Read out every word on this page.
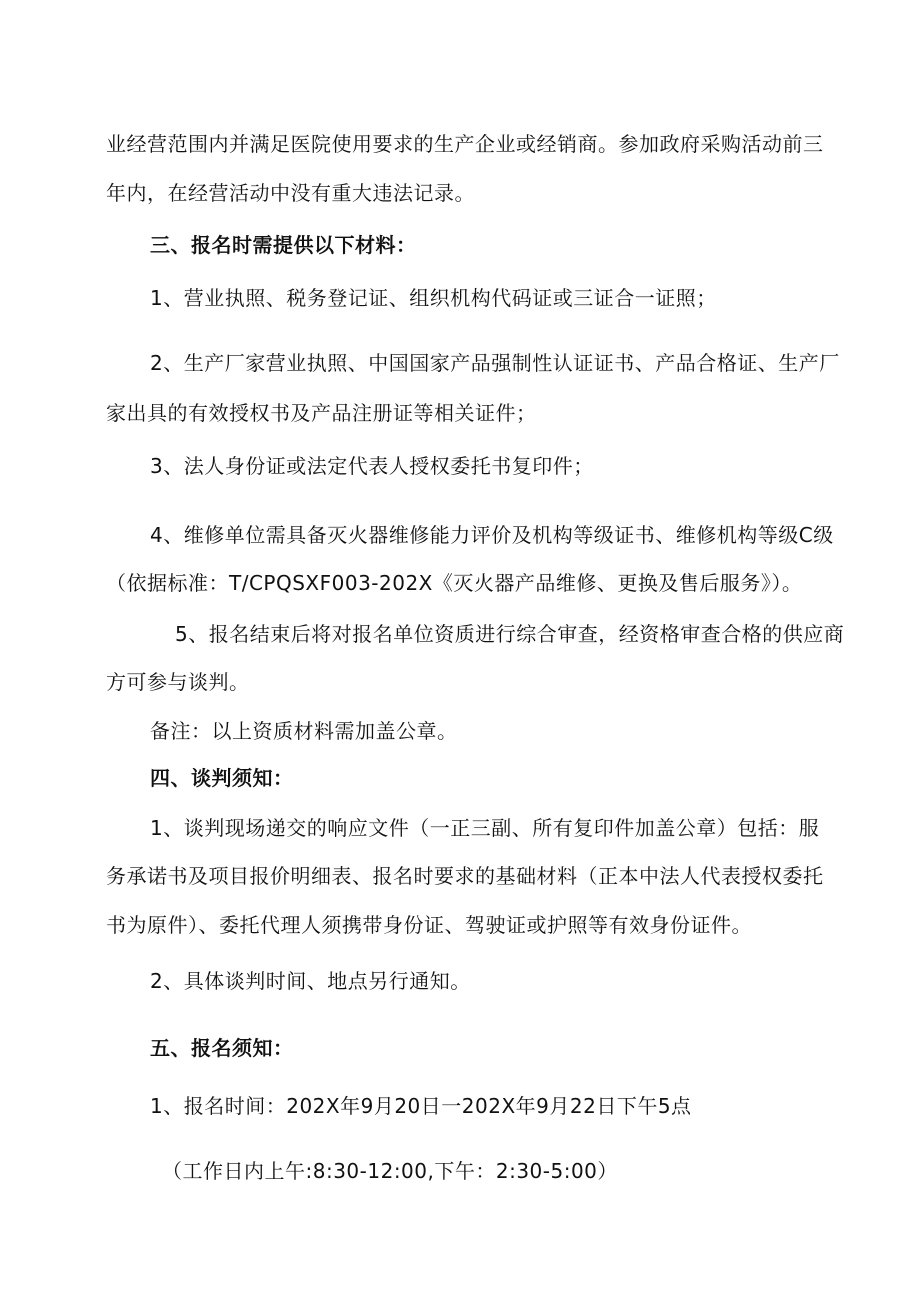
业经营范围内并满足医院使用要求的生产企业或经销商。参加政府采购活动前三
年内，在经营活动中没有重大违法记录。
三、报名时需提供以下材料：
1、营业执照、税务登记证、组织机构代码证或三证合一证照；
2、生产厂家营业执照、中国国家产品强制性认证证书、产品合格证、生产厂
家出具的有效授权书及产品注册证等相关证件；
3、法人身份证或法定代表人授权委托书复印件；
4、维修单位需具备灭火器维修能力评价及机构等级证书、维修机构等级C级
（依据标准：T/CPQSXF003-202X《灭火器产品维修、更换及售后服务》）。
5、报名结束后将对报名单位资质进行综合审查，经资格审查合格的供应商
方可参与谈判。
备注：以上资质材料需加盖公章。
四、谈判须知：
1、谈判现场递交的响应文件（一正三副、所有复印件加盖公章）包括：服
务承诺书及项目报价明细表、报名时要求的基础材料（正本中法人代表授权委托
书为原件）、委托代理人须携带身份证、驾驶证或护照等有效身份证件。
2、具体谈判时间、地点另行通知。
五、报名须知：
1、报名时间：202X年9月20日一202X年9月22日下午5点
（工作日内上午:8:30-12:00,下午：2:30-5:00）
